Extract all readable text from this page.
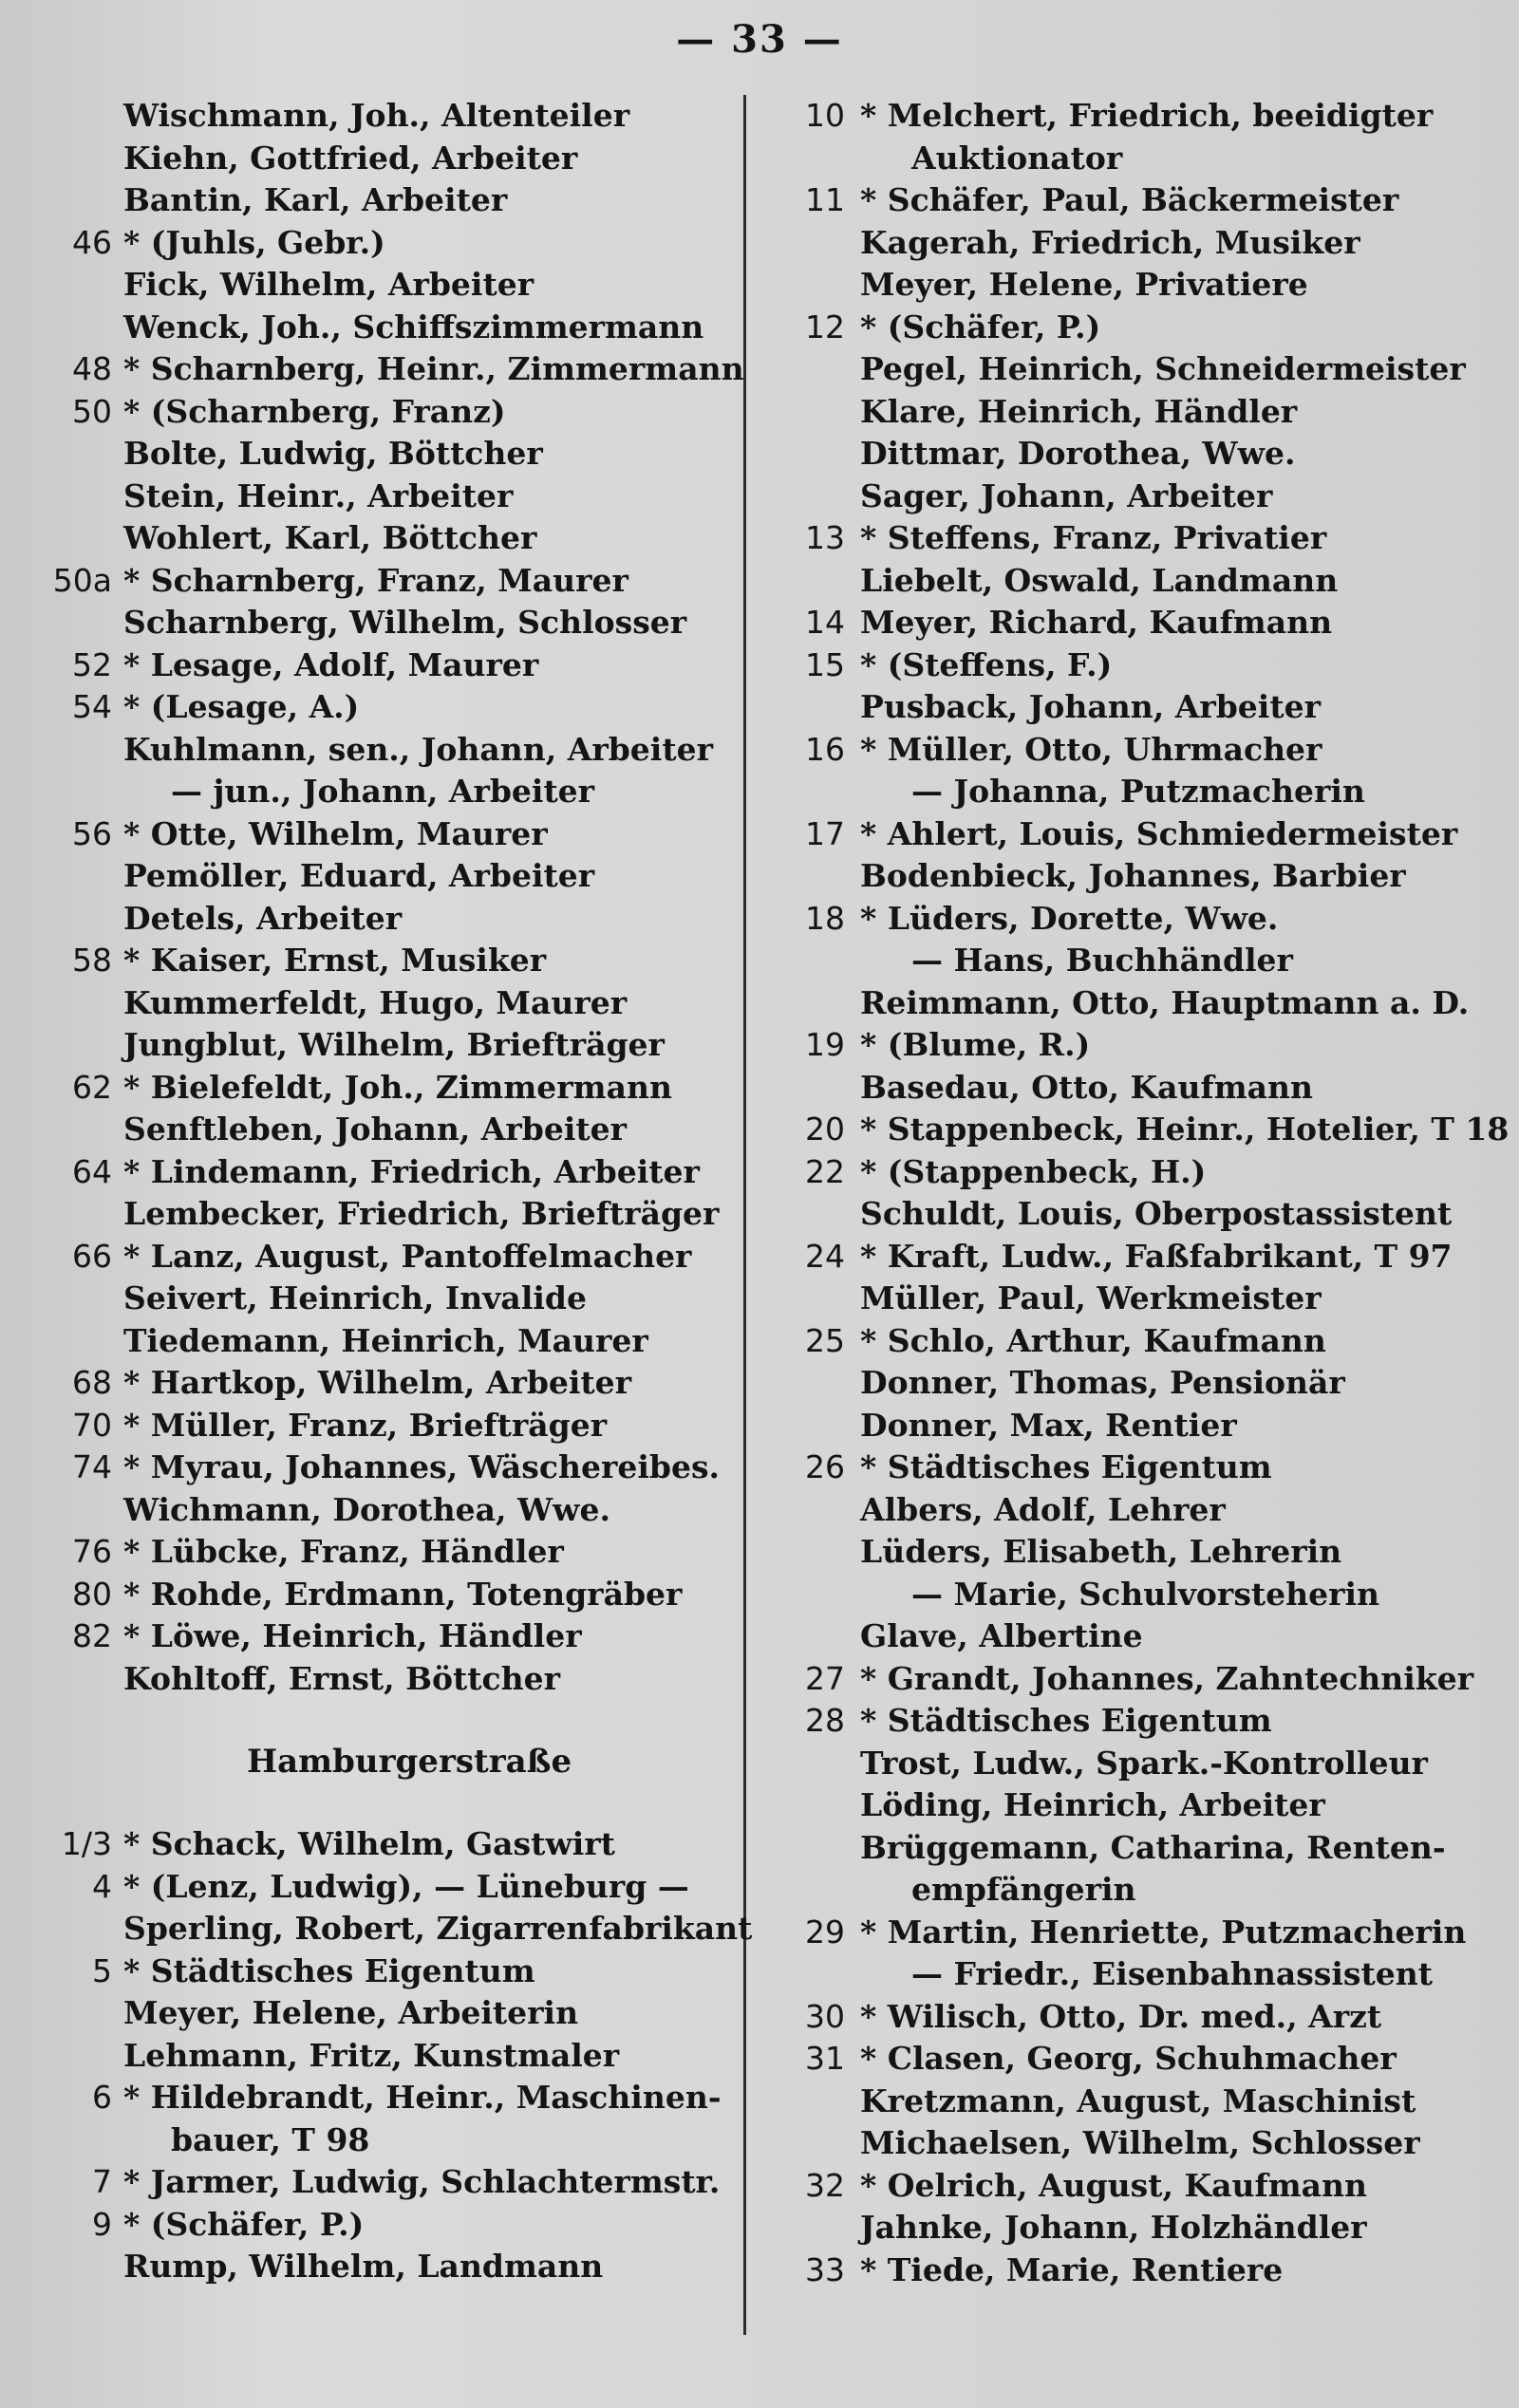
— 33 —
Wischmann, Joh., Altenteiler
Kiehn, Gottfried, Arbeiter
Bantin, Karl, Arbeiter
46 * (Juhls, Gebr.)
Fick, Wilhelm, Arbeiter
Wenck, Joh., Schiffszimmermann
48 * Scharnberg, Heinr., Zimmermann
50 * (Scharnberg, Franz)
Bolte, Ludwig, Böttcher
Stein, Heinr., Arbeiter
Wohlert, Karl, Böttcher
50a * Scharnberg, Franz, Maurer
Scharnberg, Wilhelm, Schlosser
52 * Lesage, Adolf, Maurer
54 * (Lesage, A.)
Kuhlmann, sen., Johann, Arbeiter
— jun., Johann, Arbeiter
56 * Otte, Wilhelm, Maurer
Pemöller, Eduard, Arbeiter
Detels, Arbeiter
58 * Kaiser, Ernst, Musiker
Kummerfeldt, Hugo, Maurer
Jungblut, Wilhelm, Briefträger
62 * Bielefeldt, Joh., Zimmermann
Senftleben, Johann, Arbeiter
64 * Lindemann, Friedrich, Arbeiter
Lembecker, Friedrich, Briefträger
66 * Lanz, August, Pantoffelmacher
Seivert, Heinrich, Invalide
Tiedemann, Heinrich, Maurer
68 * Hartkop, Wilhelm, Arbeiter
70 * Müller, Franz, Briefträger
74 * Myrau, Johannes, Wäschereibes.
Wichmann, Dorothea, Wwe.
76 * Lübcke, Franz, Händler
80 * Rohde, Erdmann, Totengräber
82 * Löwe, Heinrich, Händler
Kohltoff, Ernst, Böttcher
Hamburgerstraße
1/3 * Schack, Wilhelm, Gastwirt
4 * (Lenz, Ludwig), — Lüneburg —
Sperling, Robert, Zigarrenfabrikant
5 * Städtisches Eigentum
Meyer, Helene, Arbeiterin
Lehmann, Fritz, Kunstmaler
6 * Hildebrandt, Heinr., Maschinen-
bauer, T 98
7 * Jarmer, Ludwig, Schlachtermstr.
9 * (Schäfer, P.)
Rump, Wilhelm, Landmann
10 * Melchert, Friedrich, beeidigter
Auktionator
11 * Schäfer, Paul, Bäckermeister
Kagerah, Friedrich, Musiker
Meyer, Helene, Privatiere
12 * (Schäfer, P.)
Pegel, Heinrich, Schneidermeister
Klare, Heinrich, Händler
Dittmar, Dorothea, Wwe.
Sager, Johann, Arbeiter
13 * Steffens, Franz, Privatier
Liebelt, Oswald, Landmann
14 Meyer, Richard, Kaufmann
15 * (Steffens, F.)
Pusback, Johann, Arbeiter
16 * Müller, Otto, Uhrmacher
— Johanna, Putzmacherin
17 * Ahlert, Louis, Schmiedermeister
Bodenbieck, Johannes, Barbier
18 * Lüders, Dorette, Wwe.
— Hans, Buchhändler
Reimmann, Otto, Hauptmann a. D.
19 * (Blume, R.)
Basedau, Otto, Kaufmann
20 * Stappenbeck, Heinr., Hotelier, T 18
22 * (Stappenbeck, H.)
Schuldt, Louis, Oberpostassistent
24 * Kraft, Ludw., Faßfabrikant, T 97
Müller, Paul, Werkmeister
25 * Schlo, Arthur, Kaufmann
Donner, Thomas, Pensionär
Donner, Max, Rentier
26 * Städtisches Eigentum
Albers, Adolf, Lehrer
Lüders, Elisabeth, Lehrerin
— Marie, Schulvorsteherin
Glave, Albertine
27 * Grandt, Johannes, Zahntechniker
28 * Städtisches Eigentum
Trost, Ludw., Spark.-Kontrolleur
Löding, Heinrich, Arbeiter
Brüggemann, Catharina, Renten-
empfängerin
29 * Martin, Henriette, Putzmacherin
— Friedr., Eisenbahnassistent
30 * Wilisch, Otto, Dr. med., Arzt
31 * Clasen, Georg, Schuhmacher
Kretzmann, August, Maschinist
Michaelsen, Wilhelm, Schlosser
32 * Oelrich, August, Kaufmann
Jahnke, Johann, Holzhändler
33 * Tiede, Marie, Rentiere
